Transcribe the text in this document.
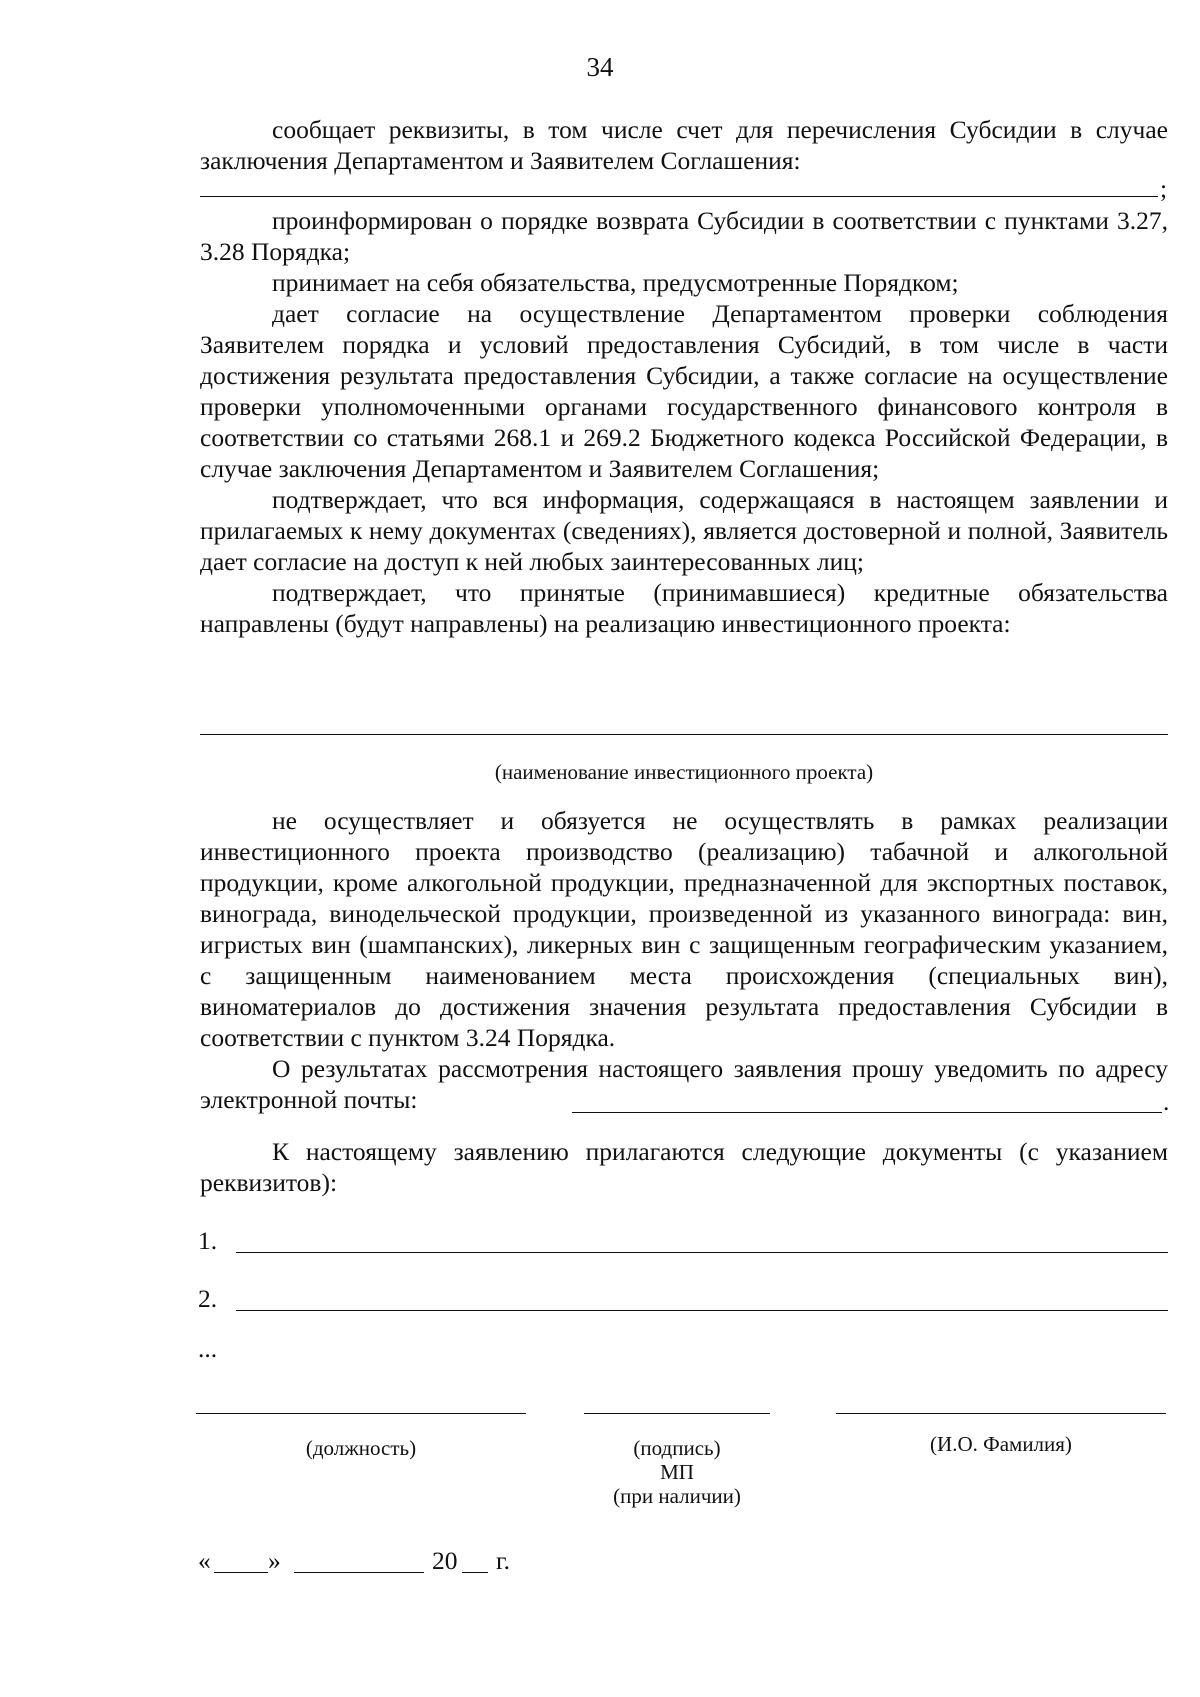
34

сообщает реквизиты, в том числе счет для перечисления Субсидии в случае заключения Департаментом и Заявителем Соглашения:

;

проинформирован о порядке возврата Субсидии в соответствии с пунктами 3.27, 3.28 Порядка;

принимает на себя обязательства, предусмотренные Порядком;

дает согласие на осуществление Департаментом проверки соблюдения Заявителем порядка и условий предоставления Субсидий, в том числе в части достижения результата предоставления Субсидии, а также согласие на осуществление проверки уполномоченными органами государственного финансового контроля в соответствии со статьями 268.1 и 269.2 Бюджетного кодекса Российской Федерации, в случае заключения Департаментом и Заявителем Соглашения;

подтверждает, что вся информация, содержащаяся в настоящем заявлении и прилагаемых к нему документах (сведениях), является достоверной и полной, Заявитель дает согласие на доступ к ней любых заинтересованных лиц;

подтверждает, что принятые (принимавшиеся) кредитные обязательства направлены (будут направлены) на реализацию инвестиционного проекта:

(наименование инвестиционного проекта)

не осуществляет и обязуется не осуществлять в рамках реализации инвестиционного проекта производство (реализацию) табачной и алкогольной продукции, кроме алкогольной продукции, предназначенной для экспортных поставок, винограда, винодельческой продукции, произведенной из указанного винограда: вин, игристых вин (шампанских), ликерных вин с защищенным географическим указанием, с защищенным наименованием места происхождения (специальных вин), виноматериалов до достижения значения результата предоставления Субсидии в соответствии с пунктом 3.24 Порядка.

О результатах рассмотрения настоящего заявления прошу уведомить по адресу электронной почты:	.

К настоящему заявлению прилагаются следующие документы (с указанием реквизитов):

1.
2.
...
(должность)	(подпись)
МП
(при наличии)
(И.О. Фамилия)
« »	20 г.
